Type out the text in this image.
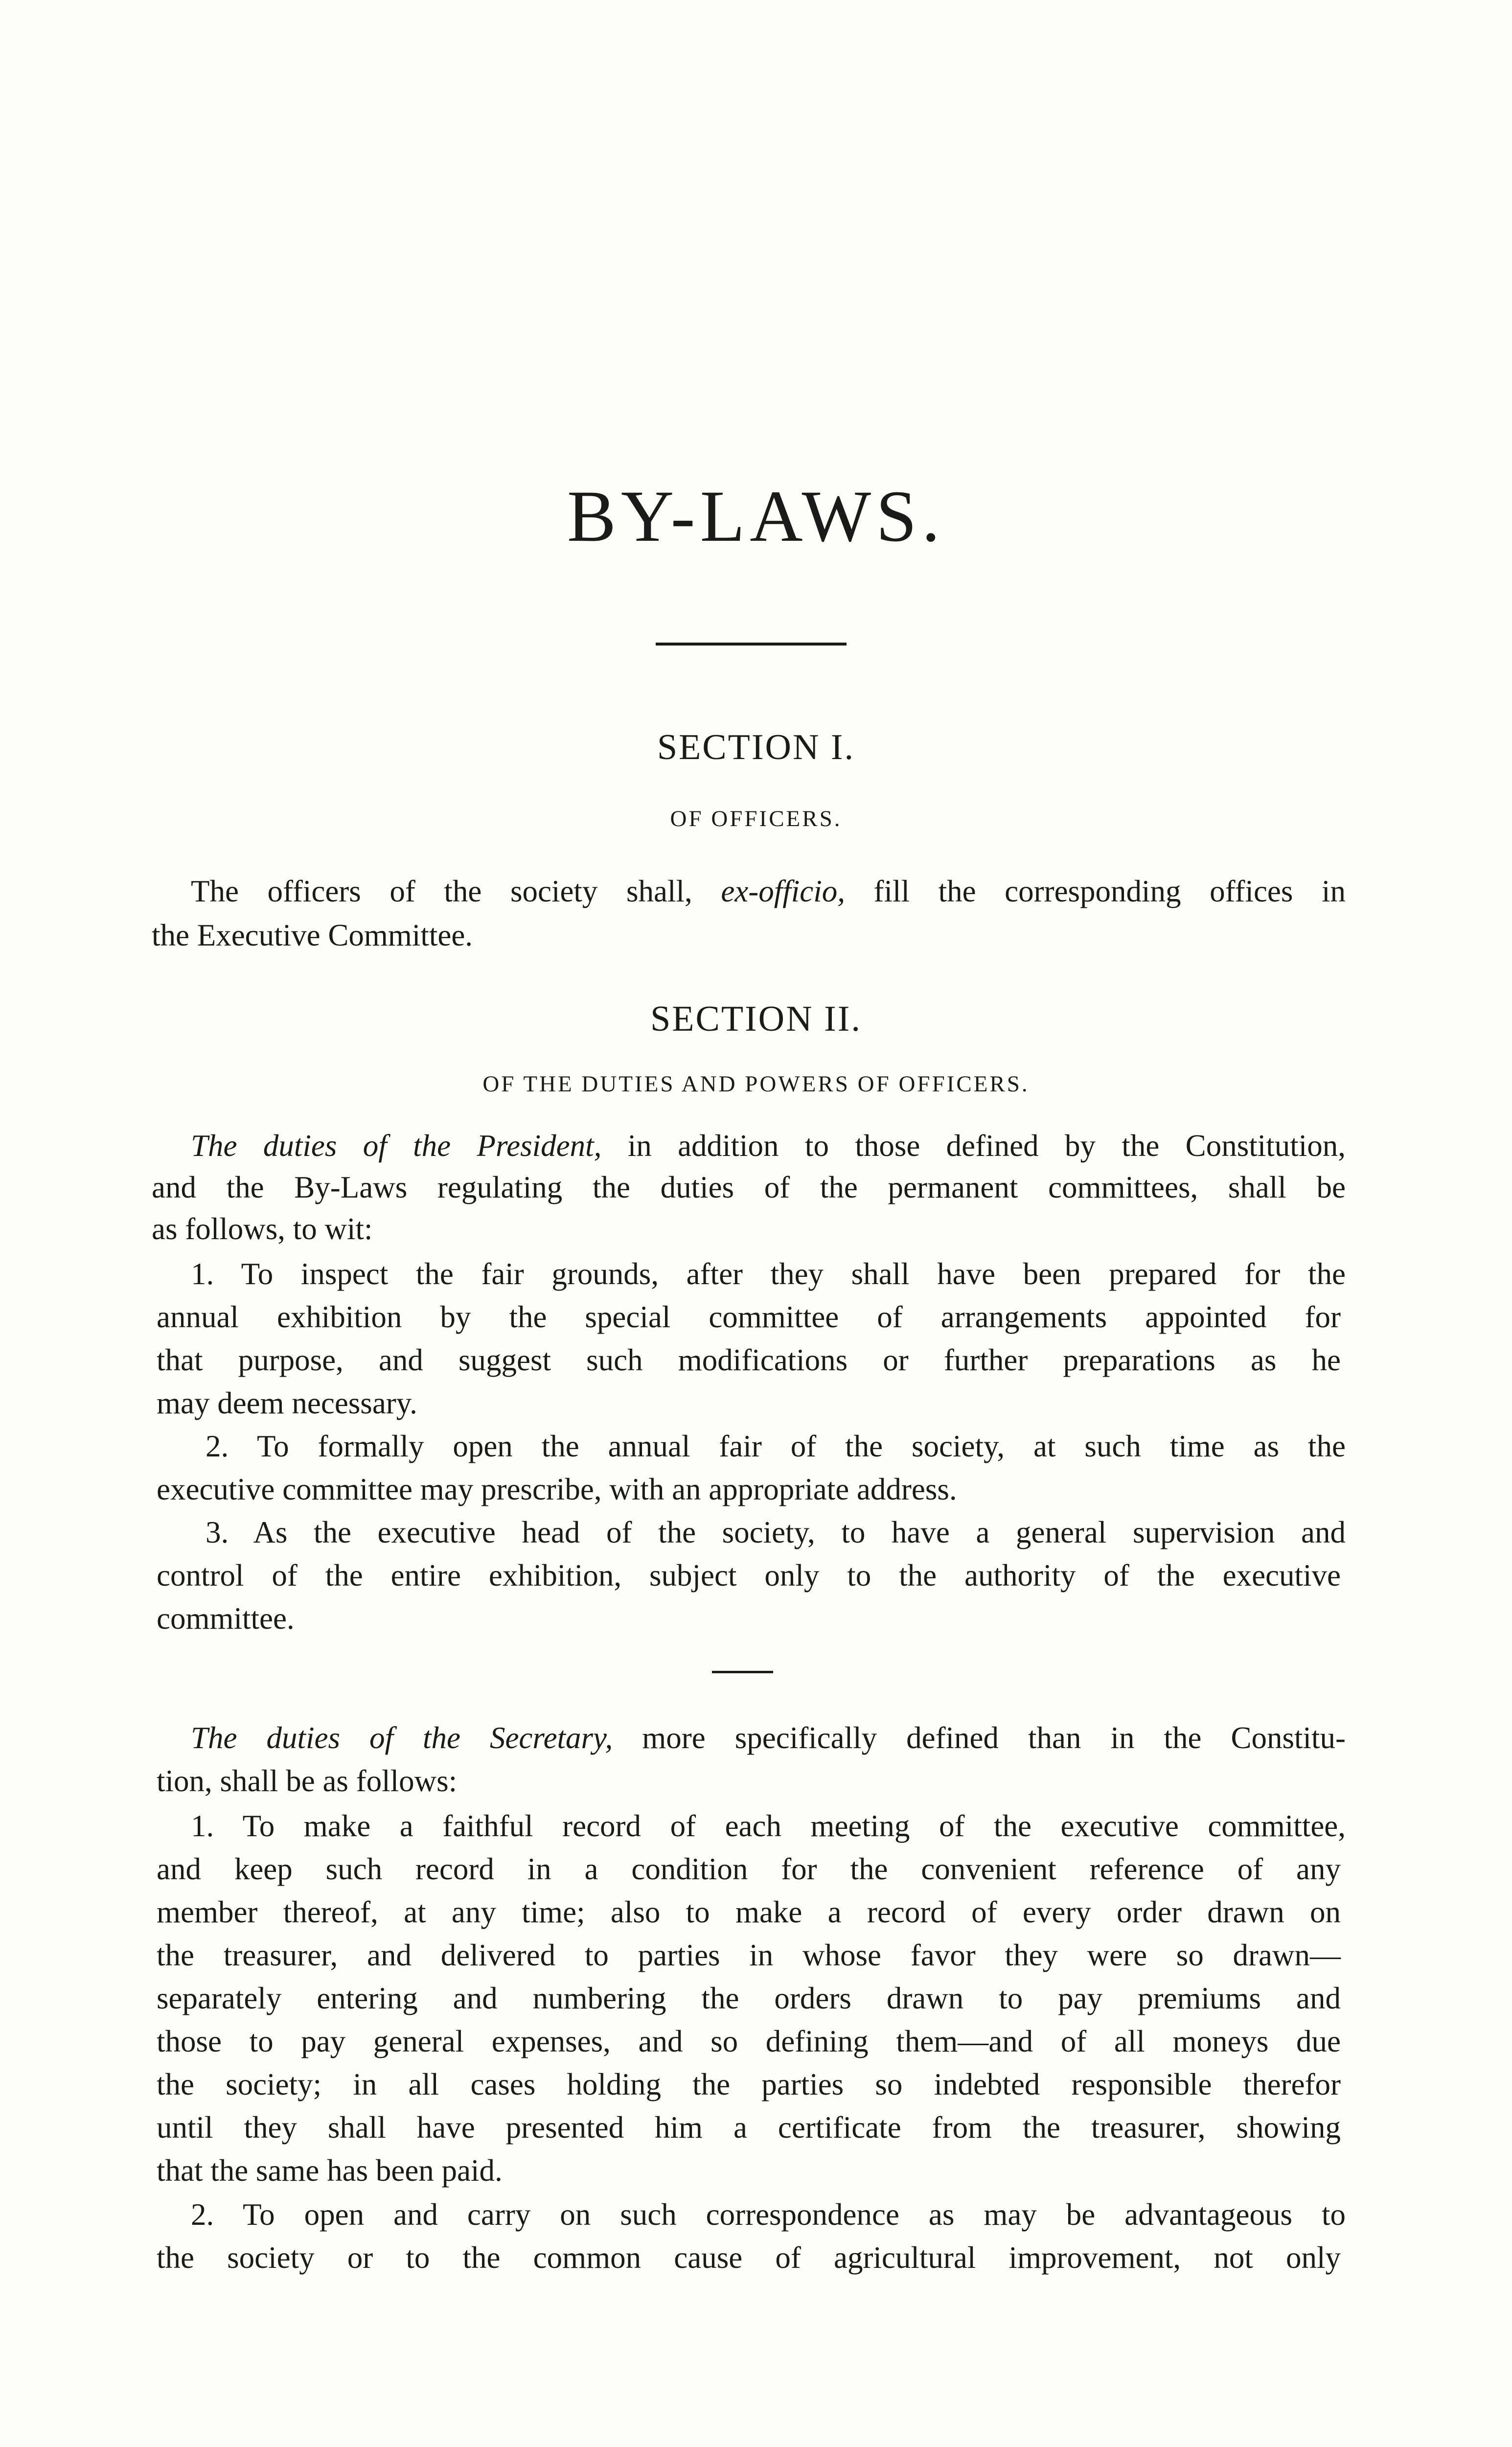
BY-LAWS.
SECTION I.
OF OFFICERS.
The officers of the society shall, ex-officio, fill the corresponding offices in
the Executive Committee.
SECTION II.
OF THE DUTIES AND POWERS OF OFFICERS.
The duties of the President, in addition to those defined by the Constitution,
and the By-Laws regulating the duties of the permanent committees, shall be
as follows, to wit:
1. To inspect the fair grounds, after they shall have been prepared for the
annual exhibition by the special committee of arrangements appointed for
that purpose, and suggest such modifications or further preparations as he
may deem necessary.
2. To formally open the annual fair of the society, at such time as the
executive committee may prescribe, with an appropriate address.
3. As the executive head of the society, to have a general supervision and
control of the entire exhibition, subject only to the authority of the executive
committee.
The duties of the Secretary, more specifically defined than in the Constitu-
tion, shall be as follows:
1. To make a faithful record of each meeting of the executive committee,
and keep such record in a condition for the convenient reference of any
member thereof, at any time; also to make a record of every order drawn on
the treasurer, and delivered to parties in whose favor they were so drawn—
separately entering and numbering the orders drawn to pay premiums and
those to pay general expenses, and so defining them—and of all moneys due
the society; in all cases holding the parties so indebted responsible therefor
until they shall have presented him a certificate from the treasurer, showing
that the same has been paid.
2. To open and carry on such correspondence as may be advantageous to
the society or to the common cause of agricultural improvement, not only
